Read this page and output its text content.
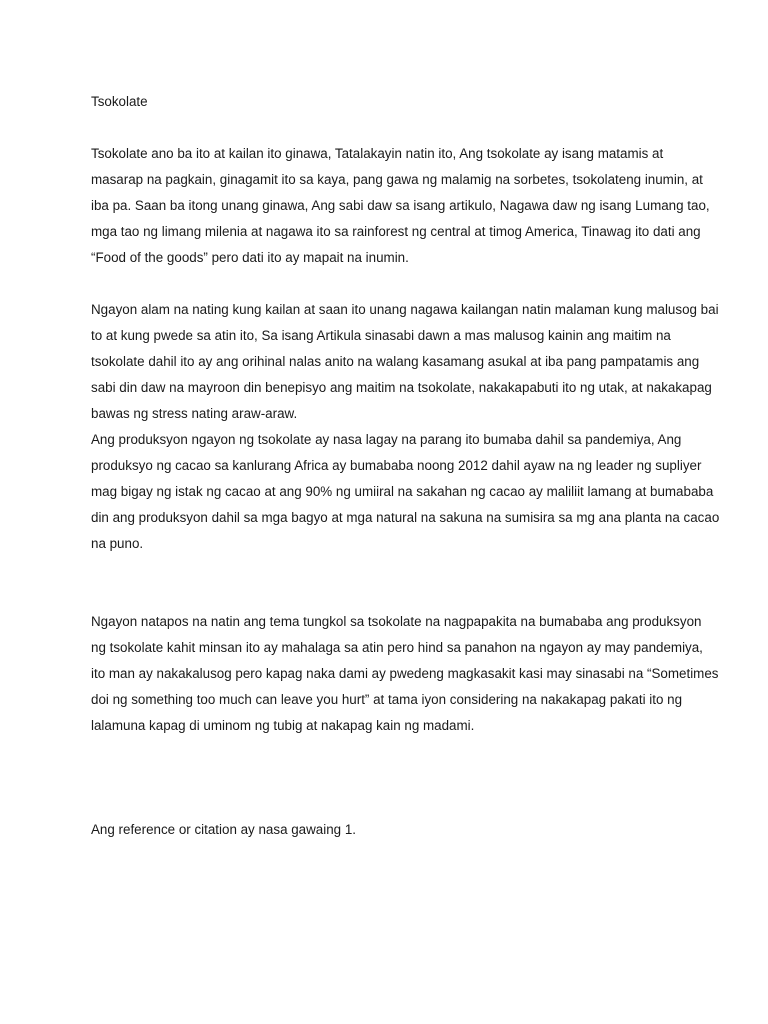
Tsokolate

Tsokolate ano ba ito at kailan ito ginawa, Tatalakayin natin ito, Ang tsokolate ay isang matamis at
masarap na pagkain, ginagamit ito sa kaya, pang gawa ng malamig na sorbetes, tsokolateng inumin, at
iba pa. Saan ba itong unang ginawa, Ang sabi daw sa isang artikulo, Nagawa daw ng isang Lumang tao,
mga tao ng limang milenia at nagawa ito sa rainforest ng central at timog America, Tinawag ito dati ang
“Food of the goods” pero dati ito ay mapait na inumin.

Ngayon alam na nating kung kailan at saan ito unang nagawa kailangan natin malaman kung malusog bai
to at kung pwede sa atin ito, Sa isang Artikula sinasabi dawn a mas malusog kainin ang maitim na
tsokolate dahil ito ay ang orihinal nalas anito na walang kasamang asukal at iba pang pampatamis ang
sabi din daw na mayroon din benepisyo ang maitim na tsokolate, nakakapabuti ito ng utak, at nakakapag
bawas ng stress nating araw-araw.

Ang produksyon ngayon ng tsokolate ay nasa lagay na parang ito bumaba dahil sa pandemiya, Ang
produksyo ng cacao sa kanlurang Africa ay bumababa noong 2012 dahil ayaw na ng leader ng supliyer
mag bigay ng istak ng cacao at ang 90% ng umiiral na sakahan ng cacao ay maliliit lamang at bumababa
din ang produksyon dahil sa mga bagyo at mga natural na sakuna na sumisira sa mg ana planta na cacao
na puno.

Ngayon natapos na natin ang tema tungkol sa tsokolate na nagpapakita na bumababa ang produksyon
ng tsokolate kahit minsan ito ay mahalaga sa atin pero hind sa panahon na ngayon ay may pandemiya,
ito man ay nakakalusog pero kapag naka dami ay pwedeng magkasakit kasi may sinasabi na “Sometimes
doi ng something too much can leave you hurt” at tama iyon considering na nakakapag pakati ito ng
lalamuna kapag di uminom ng tubig at nakapag kain ng madami.

Ang reference or citation ay nasa gawaing 1.
